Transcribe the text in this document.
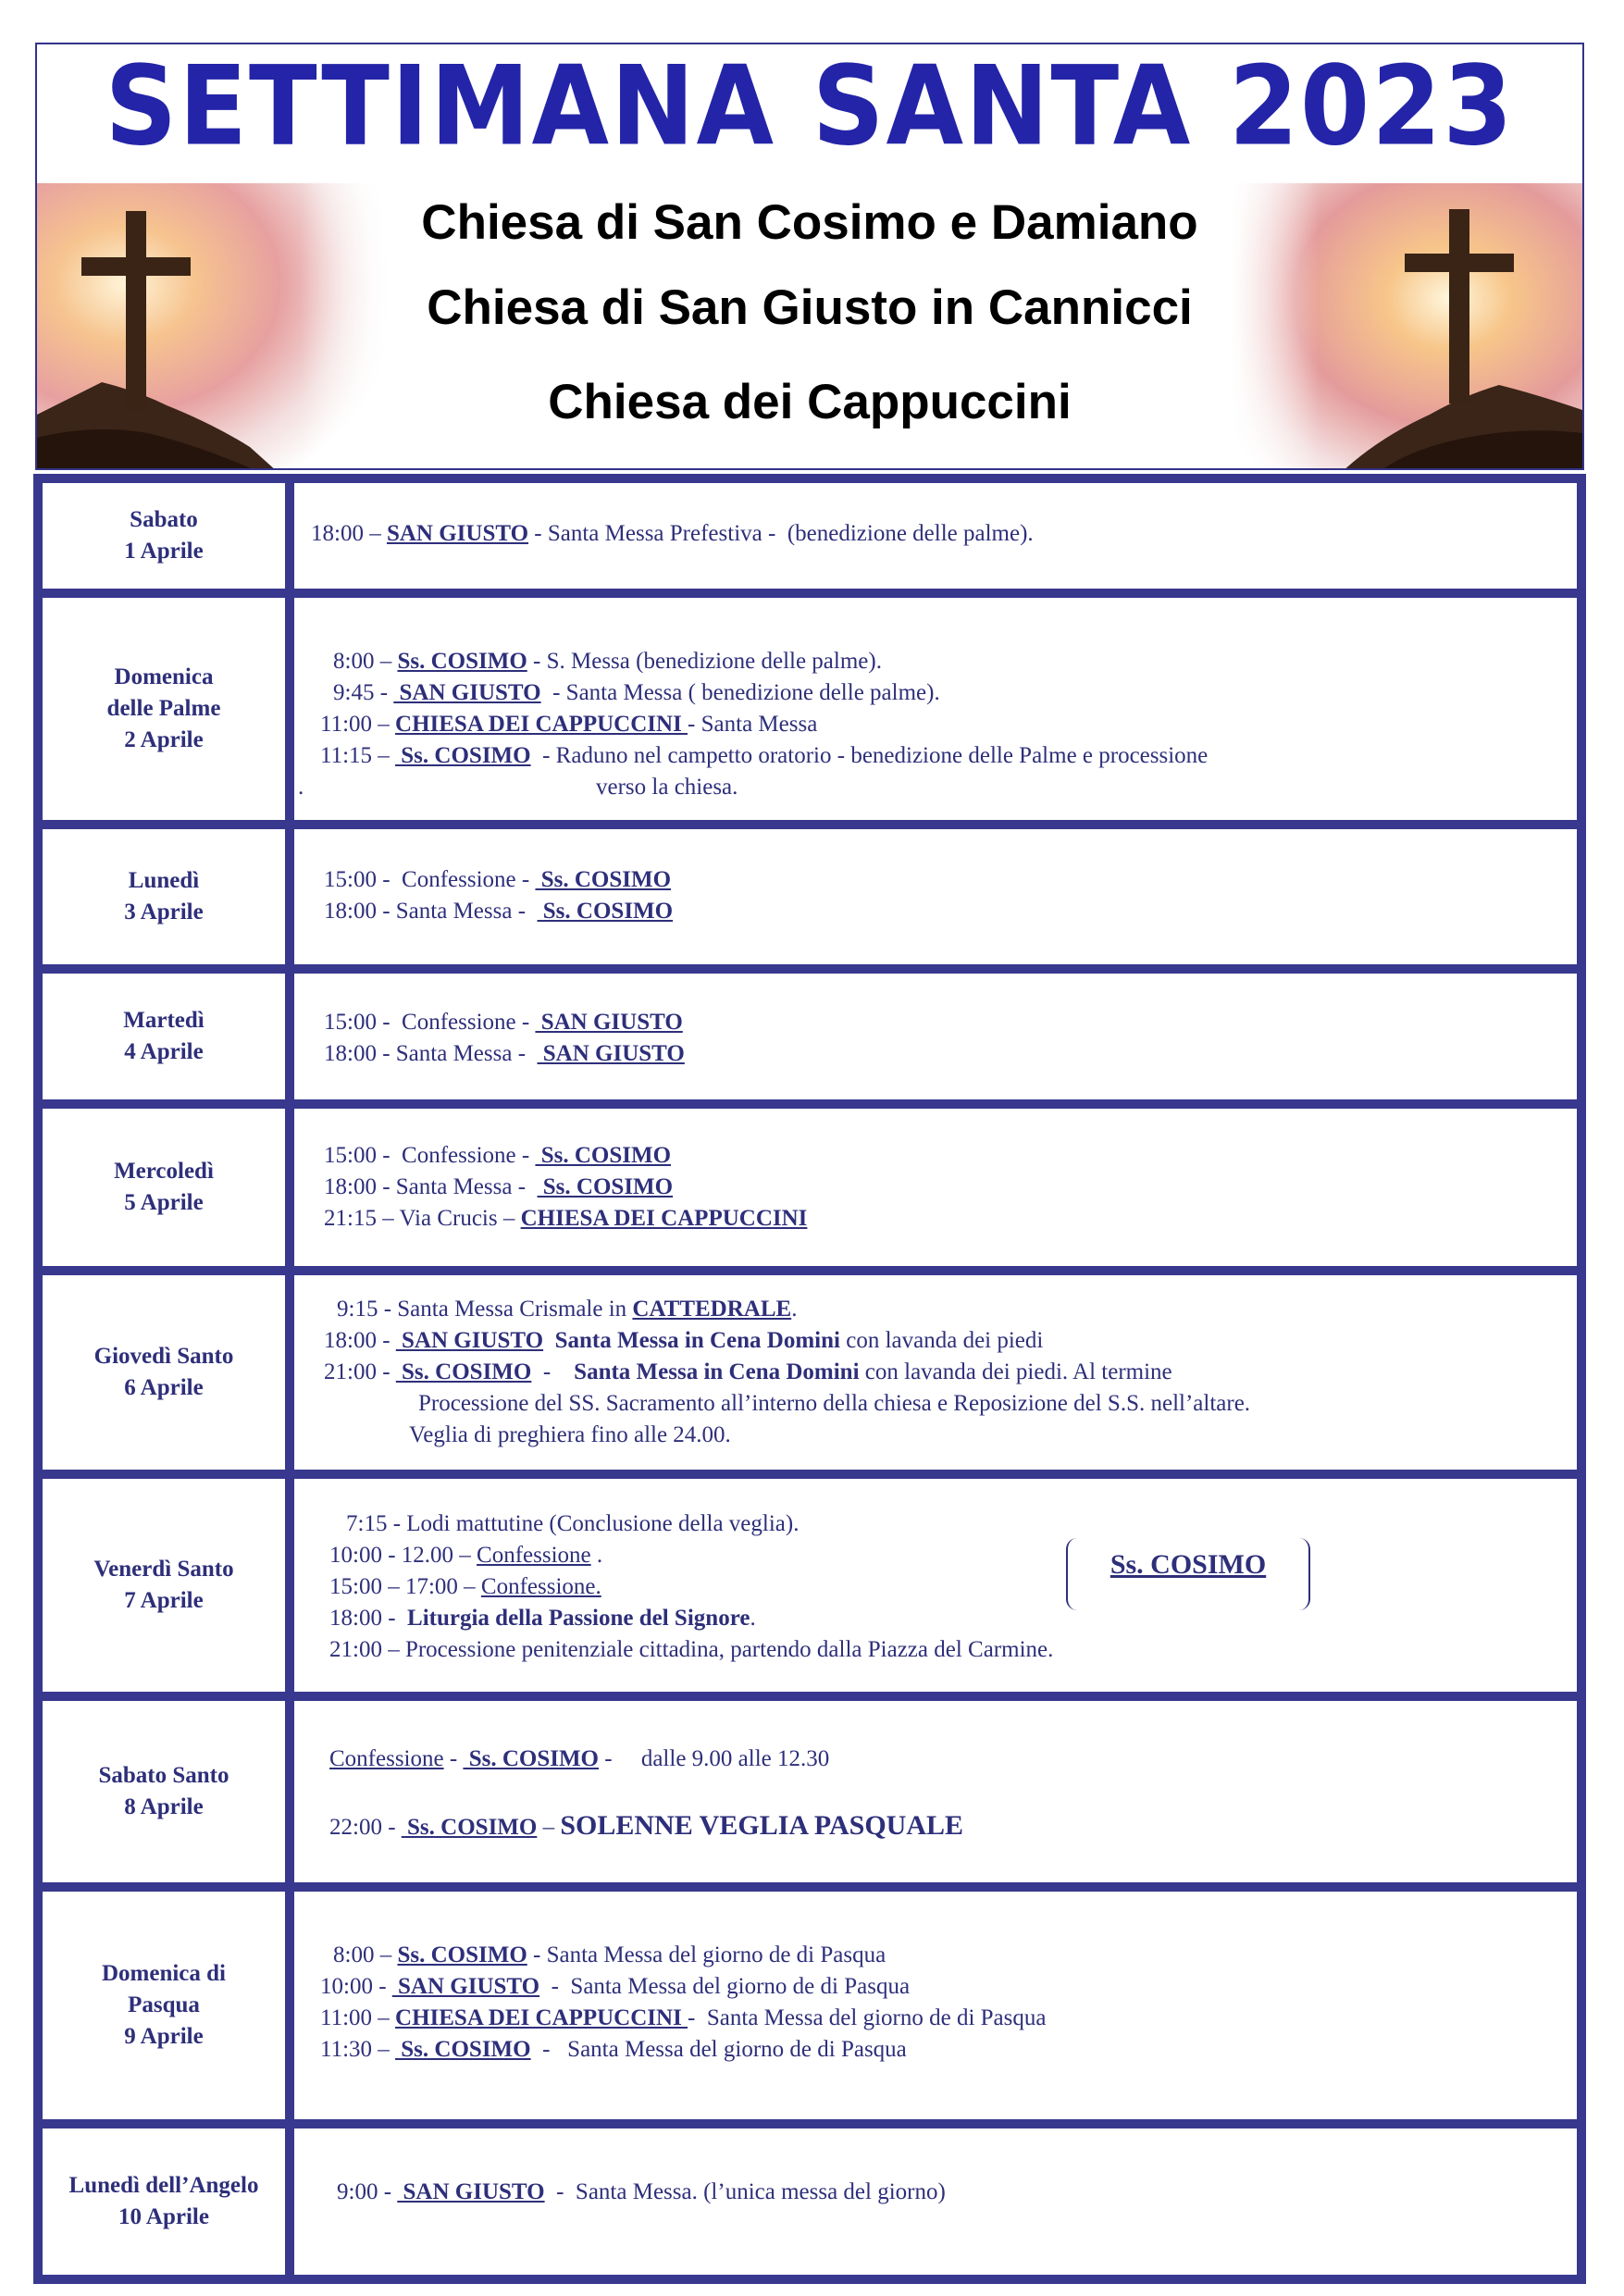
SETTIMANA SANTA 2023
Chiesa di San Cosimo e Damiano
Chiesa di San Giusto in Cannicci
Chiesa dei Cappuccini
Sabato
1 Aprile
18:00 – SAN GIUSTO - Santa Messa Prefestiva -  (benedizione delle palme).
Domenica
delle Palme
2 Aprile
8:00 – Ss. COSIMO - S. Messa (benedizione delle palme).
9:45 -  SAN GIUSTO  - Santa Messa ( benedizione delle palme).
11:00 – CHIESA DEI CAPPUCCINI - Santa Messa
11:15 –  Ss. COSIMO  - Raduno nel campetto oratorio - benedizione delle Palme e processione
.	verso la chiesa.
Lunedì
3 Aprile
15:00 -  Confessione -  Ss. COSIMO
18:00 - Santa Messa -   Ss. COSIMO
Martedì
4 Aprile
15:00 -  Confessione -  SAN GIUSTO
18:00 - Santa Messa -   SAN GIUSTO
Mercoledì
5 Aprile
15:00 -  Confessione -  Ss. COSIMO
18:00 - Santa Messa -   Ss. COSIMO
21:15 – Via Crucis – CHIESA DEI CAPPUCCINI
Giovedì Santo
6 Aprile
9:15 - Santa Messa Crismale in CATTEDRALE.
18:00 -  SAN GIUSTO  Santa Messa in Cena Domini con lavanda dei piedi
21:00 -  Ss. COSIMO  -    Santa Messa in Cena Domini con lavanda dei piedi. Al termine
Processione del SS. Sacramento all’interno della chiesa e Reposizione del S.S. nell’altare.
Veglia di preghiera fino alle 24.00.
Venerdì Santo
7 Aprile
7:15 - Lodi mattutine (Conclusione della veglia).
10:00 - 12.00 – Confessione .
15:00 – 17:00 – Confessione.
18:00 -  Liturgia della Passione del Signore.
21:00 – Processione penitenziale cittadina, partendo dalla Piazza del Carmine.
Ss. COSIMO
Sabato Santo
8 Aprile
Confessione -  Ss. COSIMO -     dalle 9.00 alle 12.30
22:00 -  Ss. COSIMO – SOLENNE VEGLIA PASQUALE
Domenica di
Pasqua
9 Aprile
8:00 – Ss. COSIMO - Santa Messa del giorno de di Pasqua
10:00 -  SAN GIUSTO  -  Santa Messa del giorno de di Pasqua
11:00 – CHIESA DEI CAPPUCCINI -  Santa Messa del giorno de di Pasqua
11:30 –  Ss. COSIMO  -   Santa Messa del giorno de di Pasqua
Lunedì dell’Angelo
10 Aprile
9:00 -  SAN GIUSTO  -  Santa Messa. (l’unica messa del giorno)
